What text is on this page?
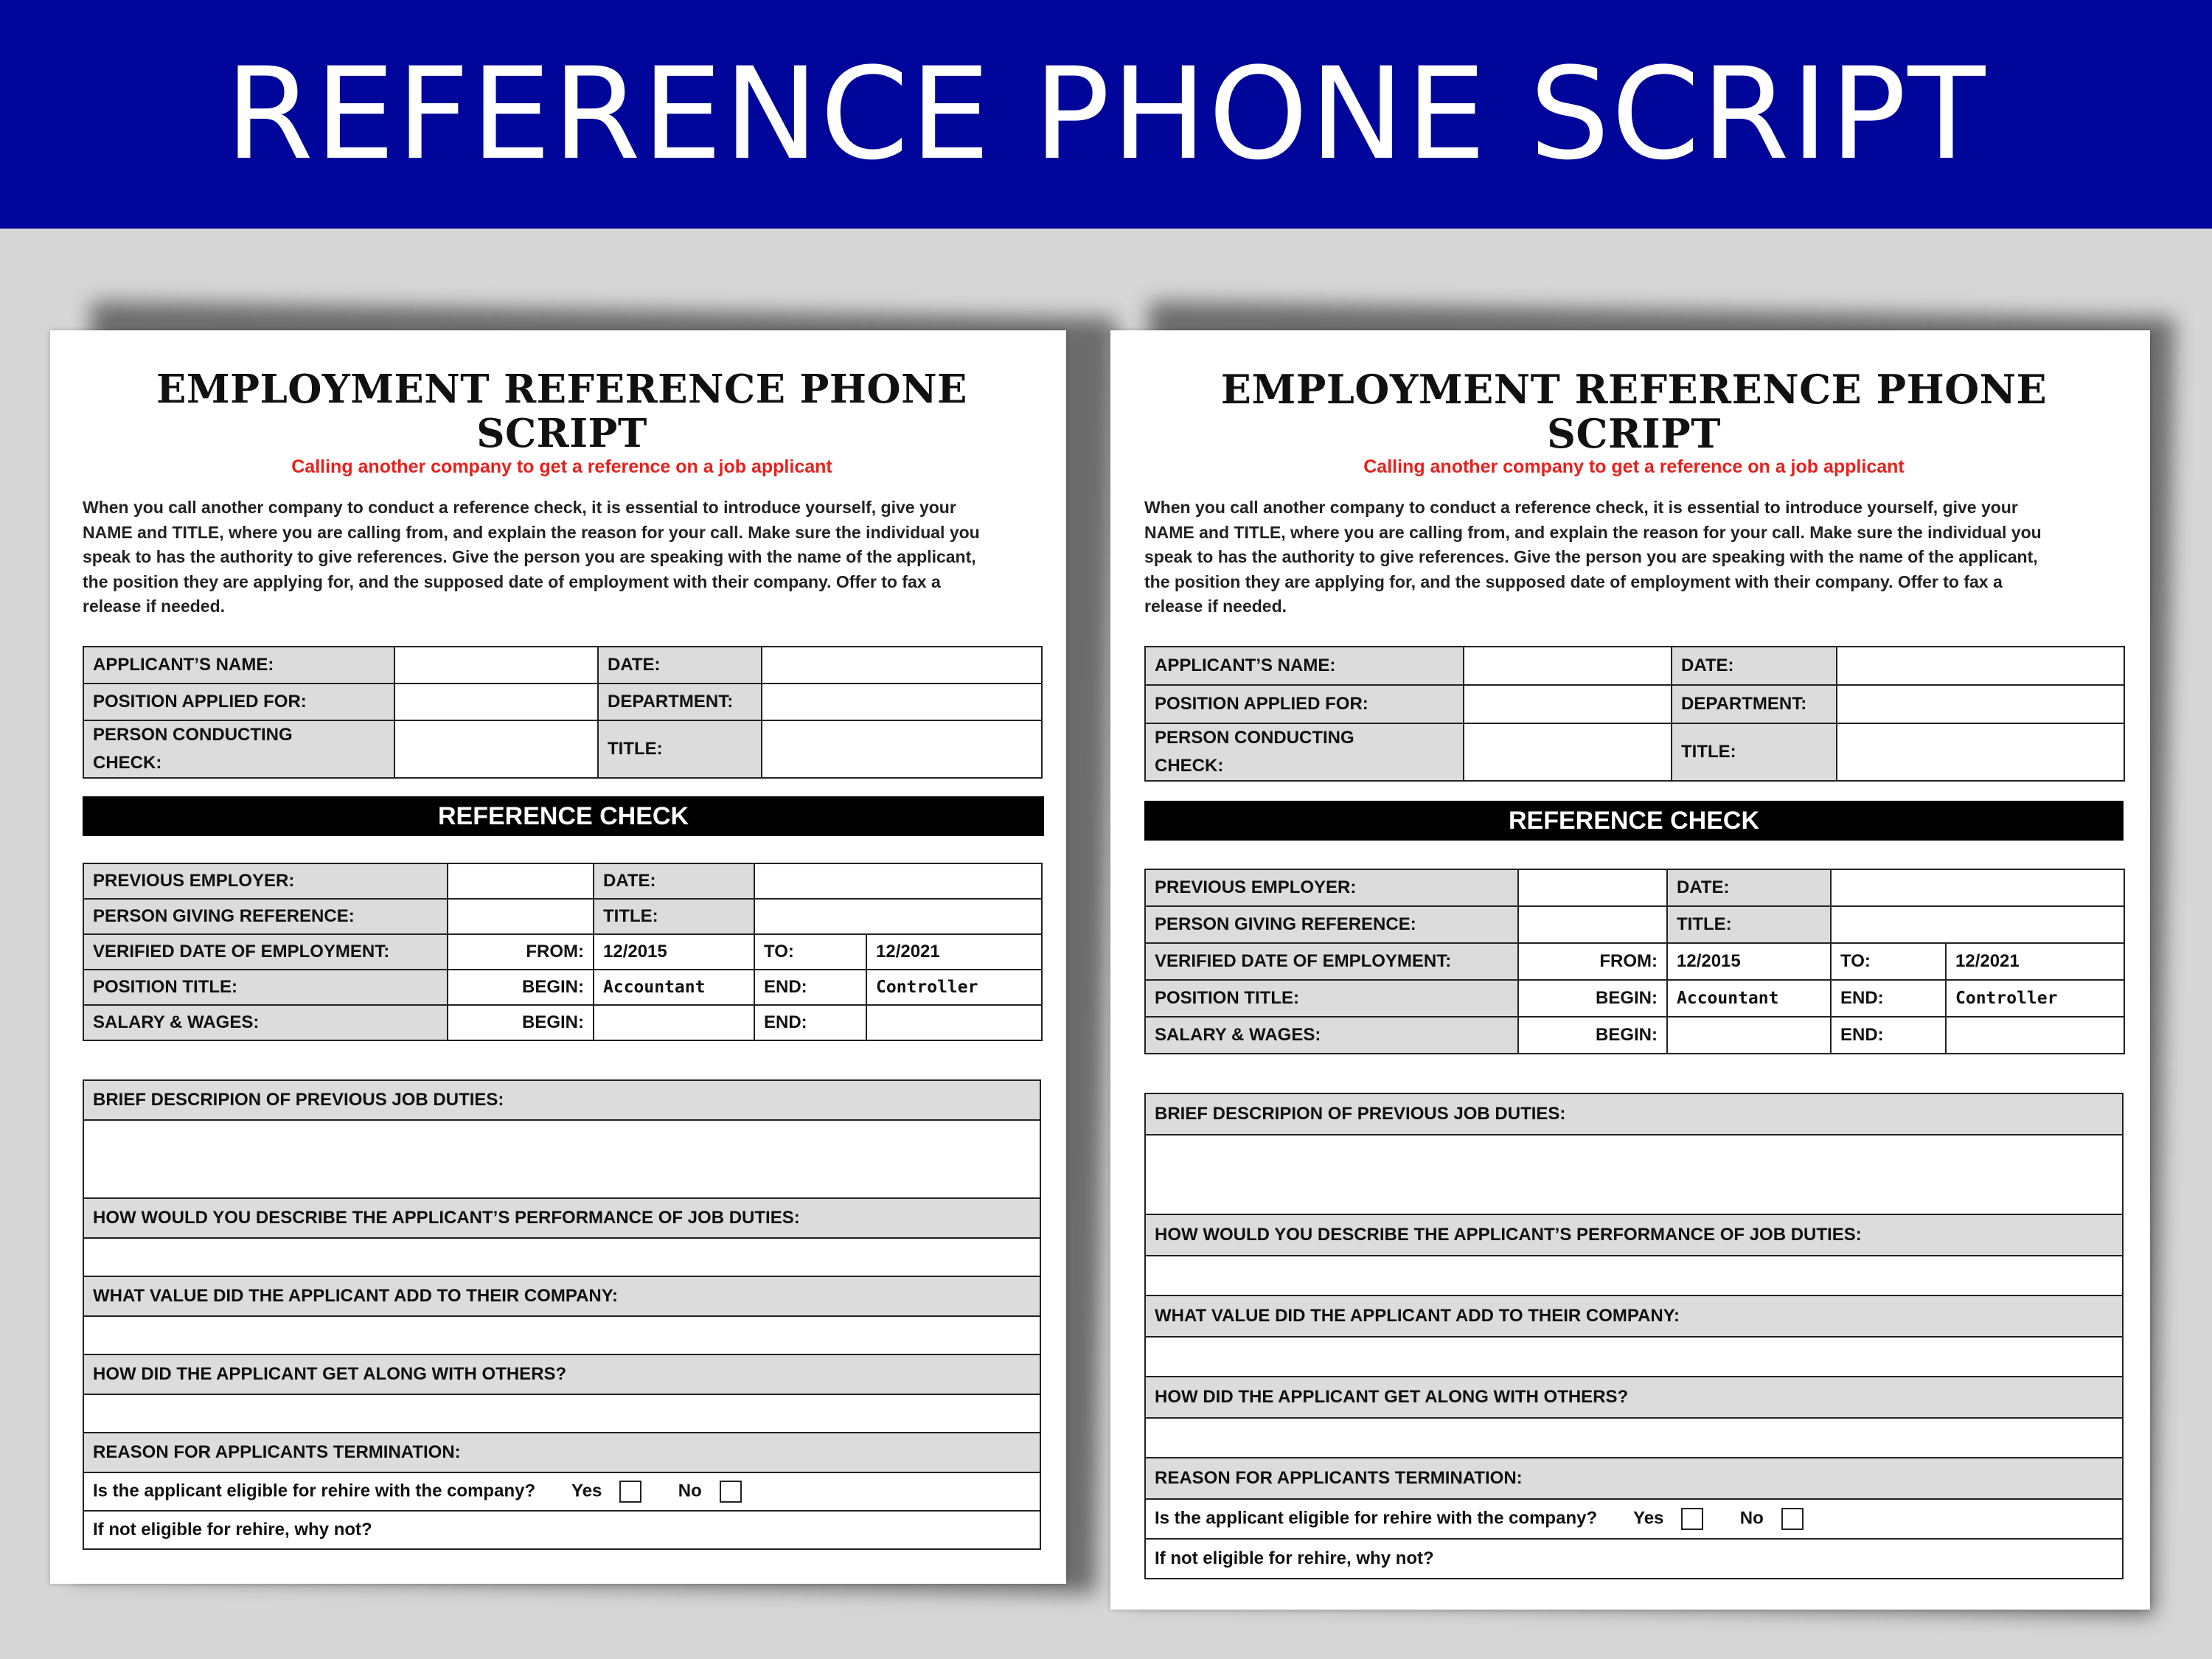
REFERENCE PHONE SCRIPT
EMPLOYMENT REFERENCE PHONE SCRIPT
Calling another company to get a reference on a job applicant
When you call another company to conduct a reference check, it is essential to introduce yourself, give your
NAME and TITLE, where you are calling from, and explain the reason for your call. Make sure the individual you
speak to has the authority to give references. Give the person you are speaking with the name of the applicant,
the position they are applying for, and the supposed date of employment with their company. Offer to fax a
release if needed.
APPLICANT’S NAME:		DATE:	
POSITION APPLIED FOR:		DEPARTMENT:	
PERSON CONDUCTING
CHECK:		TITLE:	
REFERENCE CHECK
PREVIOUS EMPLOYER:		DATE:		
PERSON GIVING REFERENCE:		TITLE:		
VERIFIED DATE OF EMPLOYMENT:	FROM:	12/2015	TO:	12/2021
POSITION TITLE:	BEGIN:	Accountant	END:	Controller
SALARY & WAGES:	BEGIN:		END:	
BRIEF DESCRIPION OF PREVIOUS JOB DUTIES:

HOW WOULD YOU DESCRIBE THE APPLICANT’S PERFORMANCE OF JOB DUTIES:

WHAT VALUE DID THE APPLICANT ADD TO THEIR COMPANY:

HOW DID THE APPLICANT GET ALONG WITH OTHERS?

REASON FOR APPLICANTS TERMINATION:
Is the applicant eligible for rehire with the company? Yes	No
If not eligible for rehire, why not?
EMPLOYMENT REFERENCE PHONE SCRIPT
Calling another company to get a reference on a job applicant
When you call another company to conduct a reference check, it is essential to introduce yourself, give your
NAME and TITLE, where you are calling from, and explain the reason for your call. Make sure the individual you
speak to has the authority to give references. Give the person you are speaking with the name of the applicant,
the position they are applying for, and the supposed date of employment with their company. Offer to fax a
release if needed.
APPLICANT’S NAME:		DATE:	
POSITION APPLIED FOR:		DEPARTMENT:	
PERSON CONDUCTING
CHECK:		TITLE:	
REFERENCE CHECK
PREVIOUS EMPLOYER:		DATE:		
PERSON GIVING REFERENCE:		TITLE:		
VERIFIED DATE OF EMPLOYMENT:	FROM:	12/2015	TO:	12/2021
POSITION TITLE:	BEGIN:	Accountant	END:	Controller
SALARY & WAGES:	BEGIN:		END:	
BRIEF DESCRIPION OF PREVIOUS JOB DUTIES:

HOW WOULD YOU DESCRIBE THE APPLICANT’S PERFORMANCE OF JOB DUTIES:

WHAT VALUE DID THE APPLICANT ADD TO THEIR COMPANY:

HOW DID THE APPLICANT GET ALONG WITH OTHERS?

REASON FOR APPLICANTS TERMINATION:
Is the applicant eligible for rehire with the company? Yes	No
If not eligible for rehire, why not?
